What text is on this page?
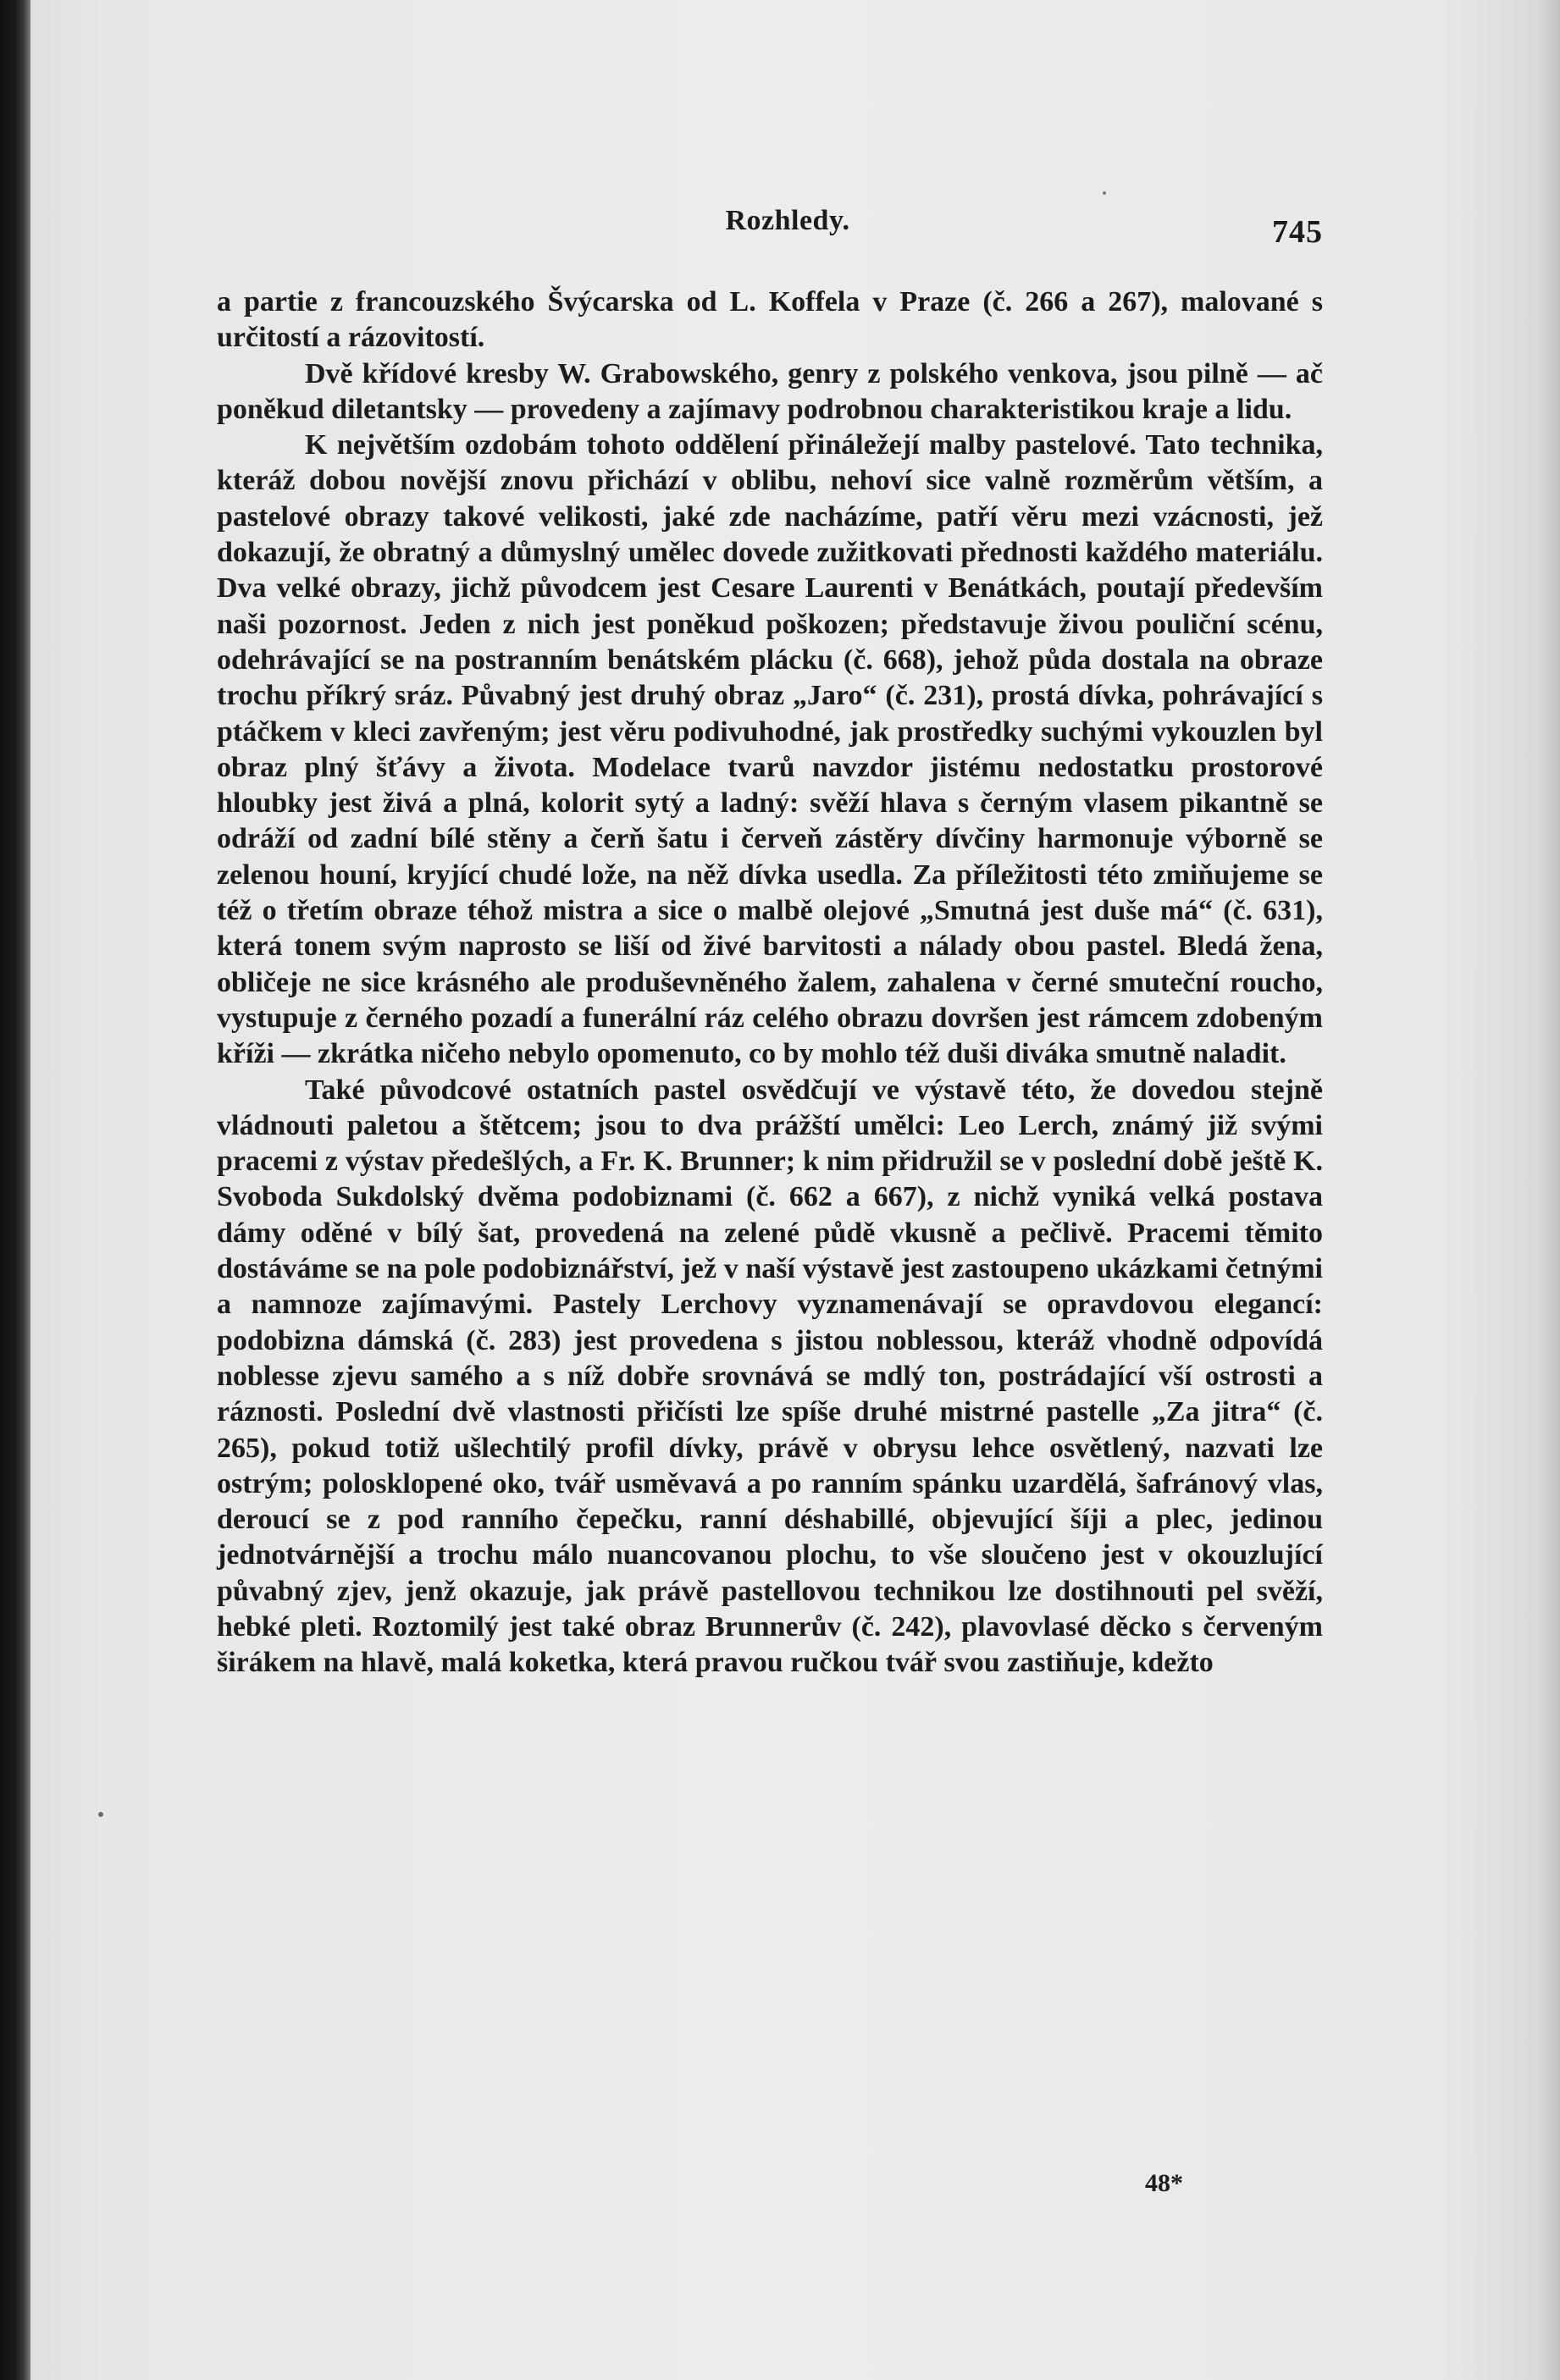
Rozhledy.	745

a partie z francouzského Švýcarska od L. Koffela v Praze (č. 266 a 267), malované s určitostí a rázovitostí.

Dvě křídové kresby W. Grabowského, genry z polského venkova, jsou pilně — ač poněkud diletantsky — provedeny a zajímavy podrobnou charakteristikou kraje a lidu.

K největším ozdobám tohoto oddělení přináležejí malby pastelové. Tato technika, kteráž dobou novější znovu přichází v oblibu, nehoví sice valně rozměrům větším, a pastelové obrazy takové velikosti, jaké zde nacházíme, patří věru mezi vzácnosti, jež dokazují, že obratný a důmyslný umělec dovede zužitkovati přednosti každého materiálu. Dva velké obrazy, jichž původcem jest Cesare Laurenti v Benátkách, poutají především naši pozornost. Jeden z nich jest poněkud poškozen; představuje živou pouliční scénu, odehrávající se na postranním benátském plácku (č. 668), jehož půda dostala na obraze trochu příkrý sráz. Půvabný jest druhý obraz „Jaro“ (č. 231), prostá dívka, pohrávající s ptáčkem v kleci zavřeným; jest věru podivuhodné, jak prostředky suchými vykouzlen byl obraz plný šťávy a života. Modelace tvarů navzdor jistému nedostatku prostorové hloubky jest živá a plná, kolorit sytý a ladný: svěží hlava s černým vlasem pikantně se odráží od zadní bílé stěny a čerň šatu i červeň zástěry dívčiny harmonuje výborně se zelenou houní, kryjící chudé lože, na něž dívka usedla. Za příležitosti této zmiňujeme se též o třetím obraze téhož mistra a sice o malbě olejové „Smutná jest duše má“ (č. 631), která tonem svým naprosto se liší od živé barvitosti a nálady obou pastel. Bledá žena, obličeje ne sice krásného ale produševněného žalem, zahalena v černé smuteční roucho, vystupuje z černého pozadí a funerální ráz celého obrazu dovršen jest rámcem zdobeným kříži — zkrátka ničeho nebylo opomenuto, co by mohlo též duši diváka smutně naladit.

Také původcové ostatních pastel osvědčují ve výstavě této, že dovedou stejně vládnouti paletou a štětcem; jsou to dva prážští umělci: Leo Lerch, známý již svými pracemi z výstav předešlých, a Fr. K. Brunner; k nim přidružil se v poslední době ještě K. Svoboda Sukdolský dvěma podobiznami (č. 662 a 667), z nichž vyniká velká postava dámy oděné v bílý šat, provedená na zelené půdě vkusně a pečlivě. Pracemi těmito dostáváme se na pole podobiznářství, jež v naší výstavě jest zastoupeno ukázkami četnými a namnoze zajímavými. Pastely Lerchovy vyznamenávají se opravdovou elegancí: podobizna dámská (č. 283) jest provedena s jistou noblessou, kteráž vhodně odpovídá noblesse zjevu samého a s níž dobře srovnává se mdlý ton, postrádající vší ostrosti a ráznosti. Poslední dvě vlastnosti přičísti lze spíše druhé mistrné pastelle „Za jitra“ (č. 265), pokud totiž ušlechtilý profil dívky, právě v obrysu lehce osvětlený, nazvati lze ostrým; polosklopené oko, tvář usměvavá a po ranním spánku uzardělá, šafránový vlas, deroucí se z pod ranního čepečku, ranní déshabillé, objevující šíji a plec, jedinou jednotvárnější a trochu málo nuancovanou plochu, to vše sloučeno jest v okouzlující půvabný zjev, jenž okazuje, jak právě pastellovou technikou lze dostihnouti pel svěží, hebké pleti. Roztomilý jest také obraz Brunnerův (č. 242), plavovlasé děcko s červeným širákem na hlavě, malá koketka, která pravou ručkou tvář svou zastiňuje, kdežto

48*
